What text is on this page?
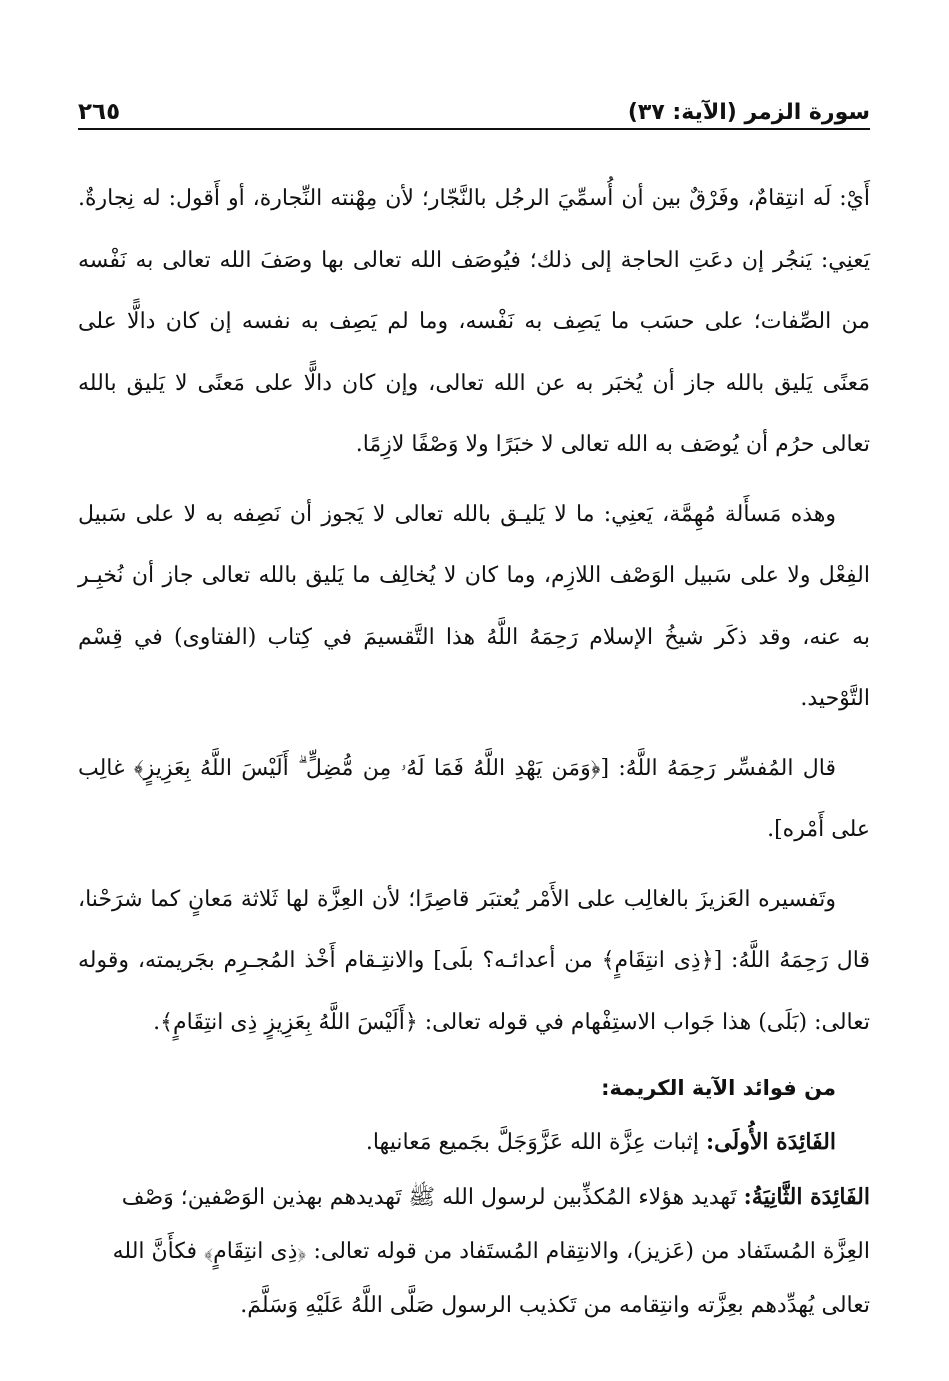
سورة الزمر (الآية: ٣٧)
٢٦٥

أَيْ: لَه انتِقامٌ، وفَرْقٌ بين أن أُسمِّيَ الرجُل بالنَّجّار؛ لأن مِهْنته النِّجارة، أو أَقول: له نِجارةٌ. يَعنِي: يَنجُر إن دعَتِ الحاجة إلى ذلك؛ فيُوصَف الله تعالى بها وصَفَ الله تعالى به نَفْسه من الصِّفات؛ على حسَب ما يَصِف به نَفْسه، وما لم يَصِف به نفسه إن كان دالًّا على مَعنًى يَليق بالله جاز أن يُخبَر به عن الله تعالى، وإن كان دالًّا على مَعنًى لا يَليق بالله تعالى حرُم أن يُوصَف به الله تعالى لا خبَرًا ولا وَصْفًا لازِمًا.

وهذه مَسأَلة مُهِمَّة، يَعنِي: ما لا يَليـق بالله تعالى لا يَجوز أن نَصِفه به لا على سَبيل الفِعْل ولا على سَبيل الوَصْف اللازِم، وما كان لا يُخالِف ما يَليق بالله تعالى جاز أن نُخبِـر به عنه، وقد ذكَر شيخُ الإسلام رَحِمَهُ اللَّهُ هذا التَّقسيمَ في كِتاب (الفتاوى) في قِسْم التَّوْحيد.

قال المُفسِّر رَحِمَهُ اللَّهُ: [﴿وَمَن يَهْدِ اللَّهُ فَمَا لَهُۥ مِن مُّضِلٍّ ۗ أَلَيْسَ اللَّهُ بِعَزِيزٍ﴾ غالِب على أَمْره].

وتَفسيره العَزيزَ بالغالِب على الأَمْر يُعتبَر قاصِرًا؛ لأن العِزَّة لها ثَلاثة مَعانٍ كما شرَحْنا، قال رَحِمَهُ اللَّهُ: [﴿ذِى انتِقَامٍ﴾ من أعدائـه؟ بلَى] والانتِـقام أَخْذ المُجـرِم بجَريمته، وقوله تعالى: (بَلَى) هذا جَواب الاستِفْهام في قوله تعالى: ﴿أَلَيْسَ اللَّهُ بِعَزِيزٍ ذِى انتِقَامٍ﴾.

من فوائد الآية الكريمة:

الفَائِدَة الأُولَى: إثبات عِزَّة الله عَزَّوَجَلَّ بجَميع مَعانيها.

الفَائِدَة الثَّانِيَةُ: تَهديد هؤلاء المُكذِّبين لرسول الله ﷺ تَهديدهم بهذين الوَصْفين؛ وَصْف العِزَّة المُستَفاد من (عَزيز)، والانتِقام المُستَفاد من قوله تعالى: ﴿ذِى انتِقَامٍ﴾ فكأَنَّ الله تعالى يُهدِّدهم بعِزَّته وانتِقامه من تَكذيب الرسول صَلَّى اللَّهُ عَلَيْهِ وَسَلَّمَ.
